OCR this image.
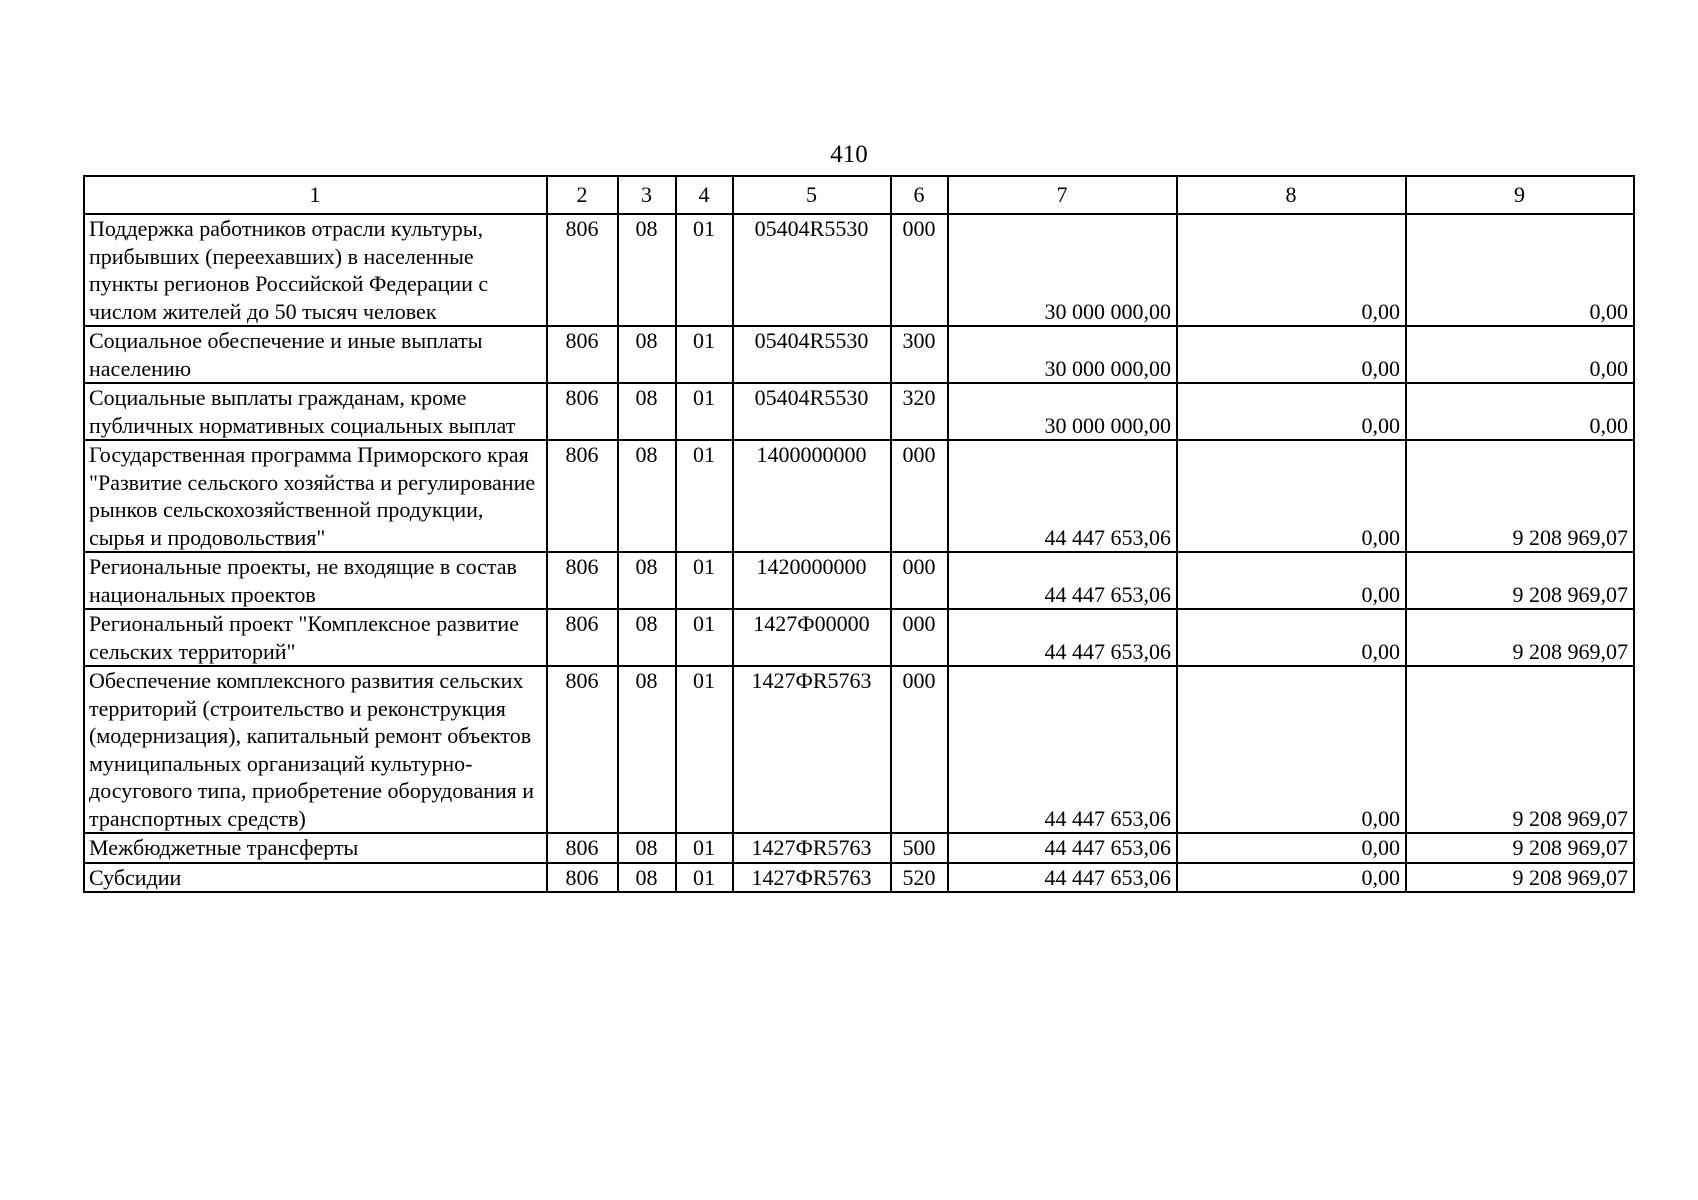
410
1	2	3	4	5	6	7	8	9
Поддержка работников отрасли культуры, прибывших (переехавших) в населенные пункты регионов Российской Федерации с числом жителей до 50 тысяч человек	806	08	01	05404R5530	000	30 000 000,00	0,00	0,00
Социальное обеспечение и иные выплаты населению	806	08	01	05404R5530	300	30 000 000,00	0,00	0,00
Социальные выплаты гражданам, кроме публичных нормативных социальных выплат	806	08	01	05404R5530	320	30 000 000,00	0,00	0,00
Государственная программа Приморского края "Развитие сельского хозяйства и регулирование рынков сельскохозяйственной продукции, сырья и продовольствия"	806	08	01	1400000000	000	44 447 653,06	0,00	9 208 969,07
Региональные проекты, не входящие в состав национальных проектов	806	08	01	1420000000	000	44 447 653,06	0,00	9 208 969,07
Региональный проект "Комплексное развитие сельских территорий"	806	08	01	1427Ф00000	000	44 447 653,06	0,00	9 208 969,07
Обеспечение комплексного развития сельских территорий (строительство и реконструкция (модернизация), капитальный ремонт объектов муниципальных организаций культурно-досугового типа, приобретение оборудования и транспортных средств)	806	08	01	1427ФR5763	000	44 447 653,06	0,00	9 208 969,07
Межбюджетные трансферты	806	08	01	1427ФR5763	500	44 447 653,06	0,00	9 208 969,07
Субсидии	806	08	01	1427ФR5763	520	44 447 653,06	0,00	9 208 969,07
